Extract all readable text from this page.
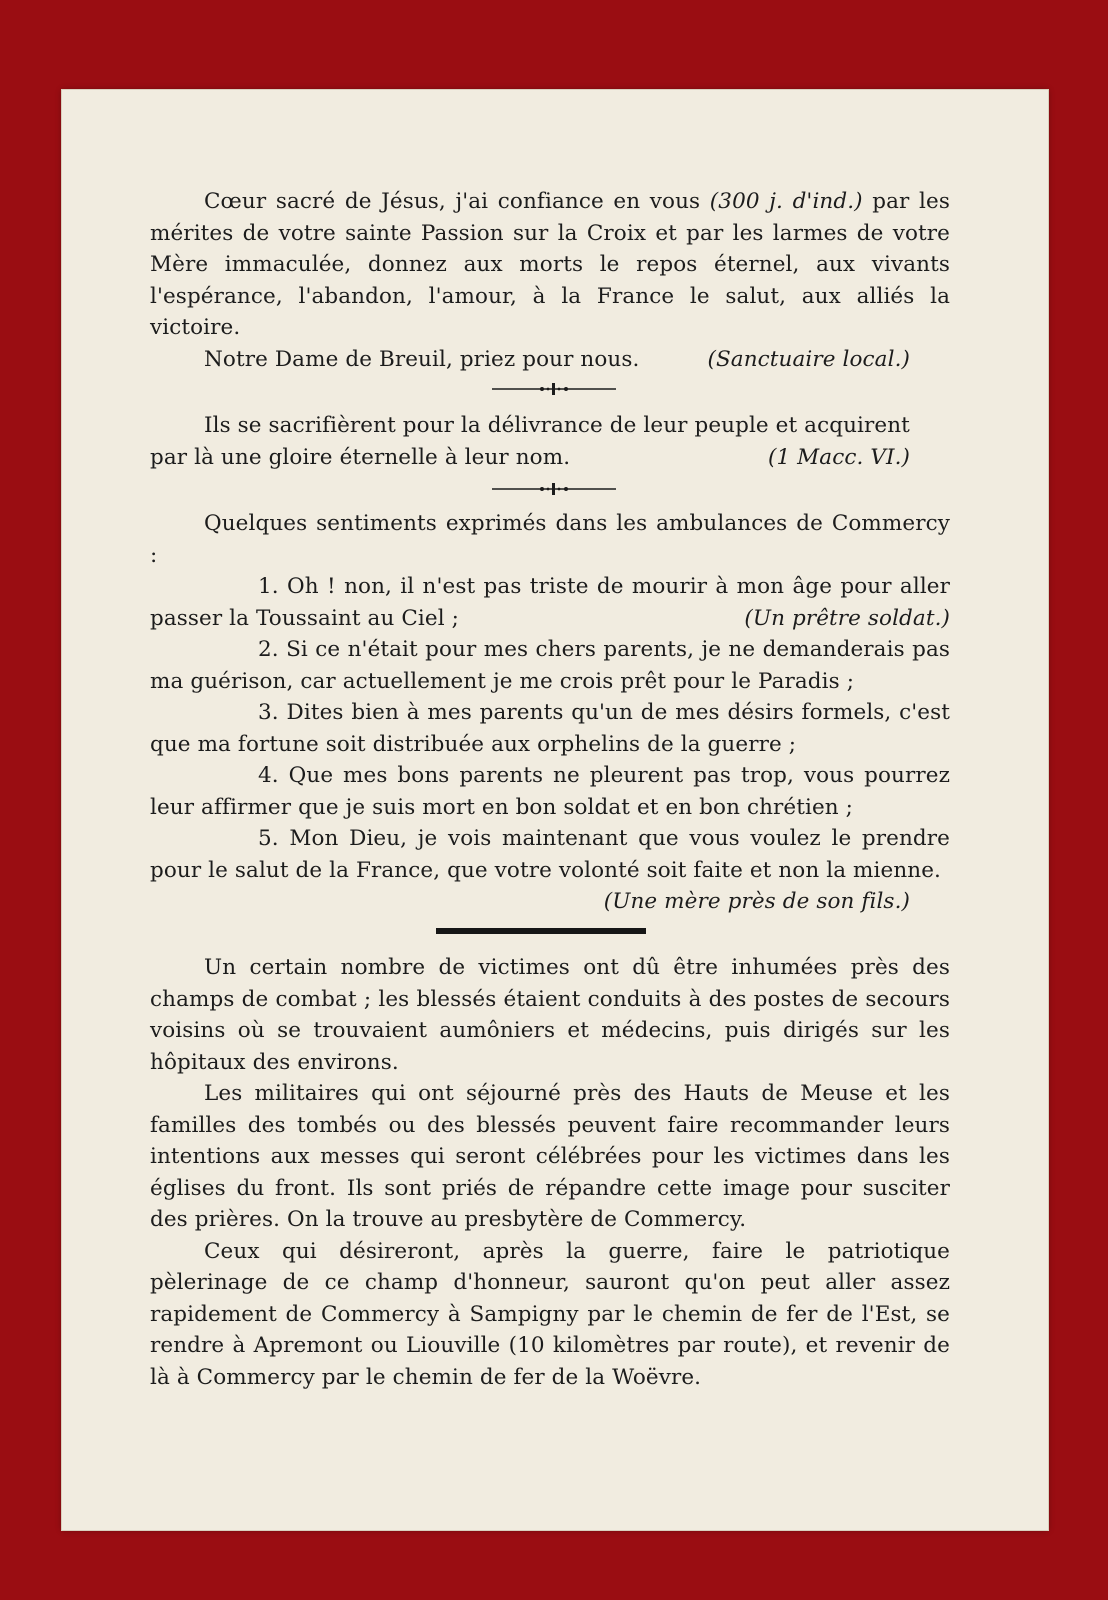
Cœur sacré de Jésus, j'ai confiance en vous (300 j. d'ind.) par les mérites de votre sainte Passion sur la Croix et par les larmes de votre Mère immaculée, donnez aux morts le repos éternel, aux vivants l'espérance, l'abandon, l'amour, à la France le salut, aux alliés la victoire.

Notre Dame de Breuil, priez pour nous.	(Sanctuaire local.)
Ils se sacrifièrent pour la délivrance de leur peuple et acquirent
par là une gloire éternelle à leur nom.	(1 Macc. VI.)

Quelques sentiments exprimés dans les ambulances de Commercy :

1. Oh ! non, il n'est pas triste de mourir à mon âge pour aller passer la Toussaint au Ciel ;	(Un prêtre soldat.)

2. Si ce n'était pour mes chers parents, je ne demanderais pas ma guérison, car actuellement je me crois prêt pour le Paradis ;

3. Dites bien à mes parents qu'un de mes désirs formels, c'est que ma fortune soit distribuée aux orphelins de la guerre ;

4. Que mes bons parents ne pleurent pas trop, vous pourrez leur affirmer que je suis mort en bon soldat et en bon chrétien ;

5. Mon Dieu, je vois maintenant que vous voulez le prendre pour le salut de la France, que votre volonté soit faite et non la mienne.

(Une mère près de son fils.)

Un certain nombre de victimes ont dû être inhumées près des champs de combat ; les blessés étaient conduits à des postes de secours voisins où se trouvaient aumôniers et médecins, puis dirigés sur les hôpitaux des environs.

Les militaires qui ont séjourné près des Hauts de Meuse et les familles des tombés ou des blessés peuvent faire recommander leurs intentions aux messes qui seront célébrées pour les victimes dans les églises du front. Ils sont priés de répandre cette image pour susciter des prières. On la trouve au presbytère de Commercy.

Ceux qui désireront, après la guerre, faire le patriotique pèlerinage de ce champ d'honneur, sauront qu'on peut aller assez rapidement de Commercy à Sampigny par le chemin de fer de l'Est, se rendre à Apremont ou Liouville (10 kilomètres par route), et revenir de là à Commercy par le chemin de fer de la Woëvre.
